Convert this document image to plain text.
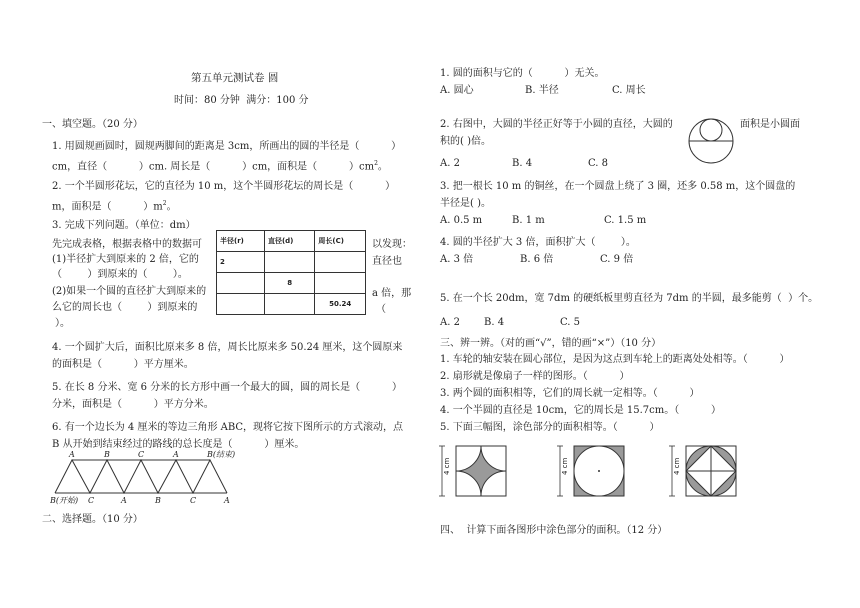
第五单元测试卷 圆
时间：80 分钟  满分：100 分
一、填空题。（20 分）
1. 用圆规画圆时，圆规两脚间的距离是 3cm，所画出的圆的半径是（          ）
cm，直径（          ）cm. 周长是（          ）cm，面积是（          ）$cm^2$。
2. 一个半圆形花坛，它的直径为 10 m，这个半圆形花坛的周长是（          ）
m，面积是（          ）$m^2$。
3. 完成下列问题。（单位：dm）
先完成表格，根据表格中的数据可
(1)半径扩大到原来的 2 倍，它的
（        ）到原来的（        ）。
(2)如果一个圆的直径扩大到原来的
么它的周长也（        ）到原来的
）。
半径(r)	直径(d)	周长(C)
2		
	8	
		50.24
以发现：
直径也
a 倍，那
（
4. 一个圆扩大后，面积比原来多 8 倍，周长比原来多 50.24 厘米，这个圆原来
的面积是（          ）平方厘米。
5. 在长 8 分米、宽 6 分米的长方形中画一个最大的圆，圆的周长是（          ）
分米，面积是（          ）平方分米。
6. 有一个边长为 4 厘米的等边三角形 ABC，现将它按下图所示的方式滚动，点
B 从开始到结束经过的路线的总长度是（          ）厘米。
A	B	C	A	B(结束)
B(开始) C	A	B	C	A
二、选择题。（10 分）
1. 圆的面积与它的（          ）无关。
A. 圆心	B. 半径	C. 周长
2. 右图中，大圆的半径正好等于小圆的直径，大圆的	面积是小圆面
积的( )倍。
A. 2	B. 4	C. 8
3. 把一根长 10 m 的铜丝，在一个圆盘上绕了 3 圈，还多 0.58 m，这个圆盘的
半径是( )。
A. 0.5 m	B. 1 m	C. 1.5 m
4. 圆的半径扩大 3 倍，面积扩大（        ）。
A. 3 倍	B. 6 倍	C. 9 倍
5. 在一个长 20dm，宽 7dm 的硬纸板里剪直径为 7dm 的半圆，最多能剪（  ）个。
A. 2 B. 4	C. 5
三、辨一辨。（对的画“√”，错的画“×”）（10 分）
1. 车轮的轴安装在圆心部位，是因为这点到车轮上的距离处处相等。（          ）
2. 扇形就是像扇子一样的图形。（          ）
3. 两个圆的面积相等，它们的周长就一定相等。（          ）
4. 一个半圆的直径是 10cm，它的周长是 15.7cm。（          ）
5. 下面三幅图，涂色部分的面积相等。（          ）
4 cm	4 cm	4 cm
四、  计算下面各图形中涂色部分的面积。（12 分）
